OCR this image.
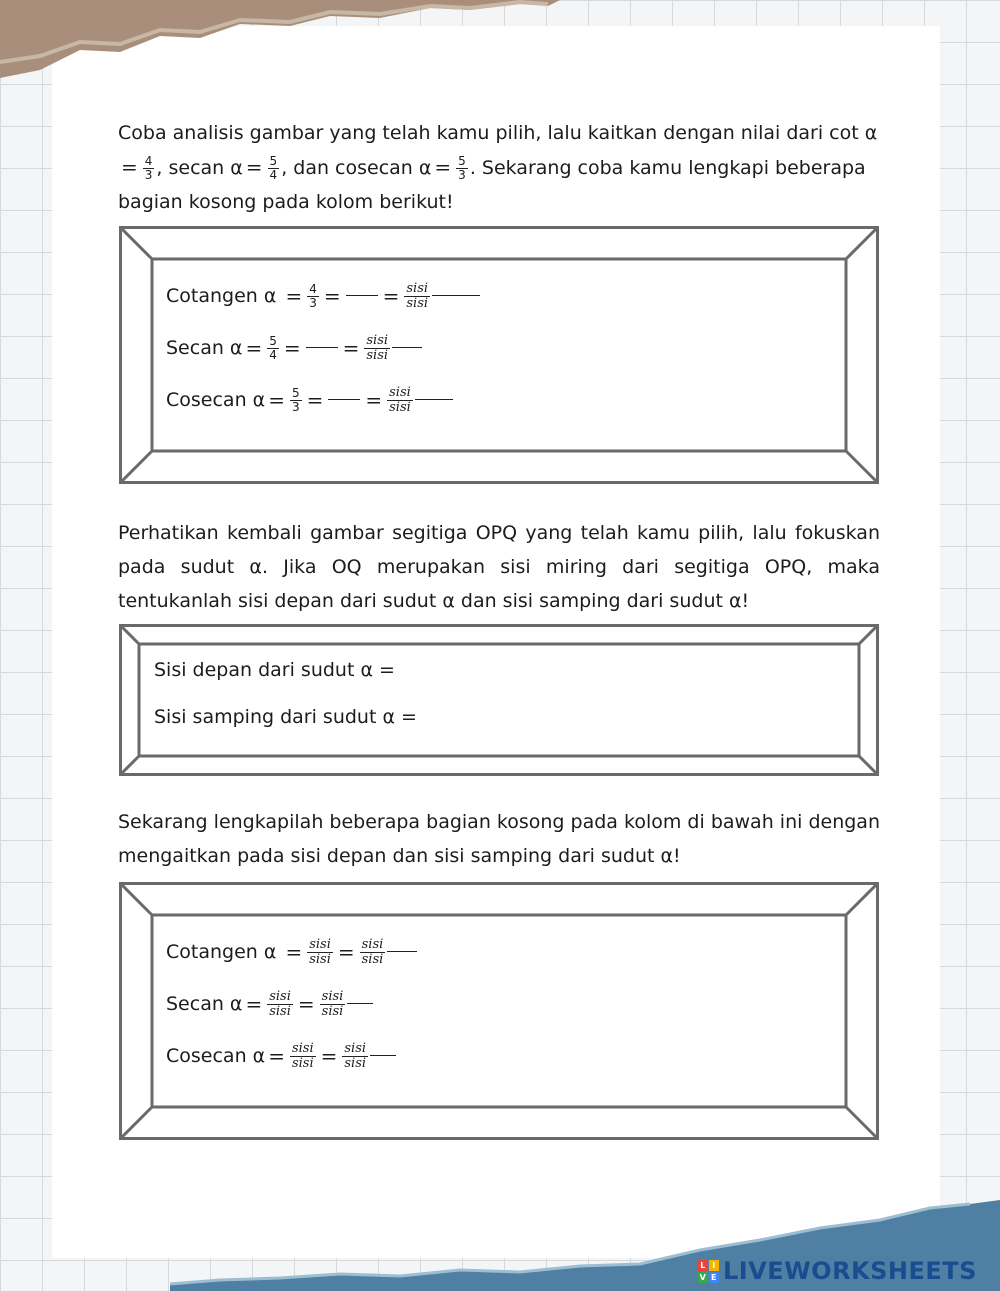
Coba analisis gambar yang telah kamu pilih, lalu kaitkan dengan nilai dari cot α
= $\frac{4}{3}$ , secan $\alpha = \frac{5}{4}$ , dan cosecan $\alpha = \frac{5}{3}$ . Sekarang coba kamu lengkapi beberapa
bagian kosong pada kolom berikut!
Cotangen α
= $\frac{4}{3}$ = = $\frac{\text{sisi}}{\text{sisi}}$
Secan $\alpha = \frac{5}{4}$ = = $\frac{\text{sisi}}{\text{sisi}}$
Cosecan $\alpha = \frac{5}{3}$ = = $\frac{\text{sisi}}{\text{sisi}}$

Perhatikan kembali gambar segitiga OPQ yang telah kamu pilih, lalu fokuskan pada sudut α. Jika OQ merupakan sisi miring dari segitiga OPQ, maka tentukanlah sisi depan dari sudut α dan sisi samping dari sudut α!

Sisi depan dari sudut α =
Sisi samping dari sudut α =

Sekarang lengkapilah beberapa bagian kosong pada kolom di bawah ini dengan mengaitkan pada sisi depan dan sisi samping dari sudut α!

Cotangen α
= $\frac{\text{sisi}}{\text{sisi}} = \frac{\text{sisi}}{\text{sisi}}$
Secan $\alpha = \frac{\text{sisi}}{\text{sisi}} = \frac{\text{sisi}}{\text{sisi}}$
Cosecan $\alpha = \frac{\text{sisi}}{\text{sisi}} = \frac{\text{sisi}}{\text{sisi}}$
L I
V E LIVEWORKSHEETS
